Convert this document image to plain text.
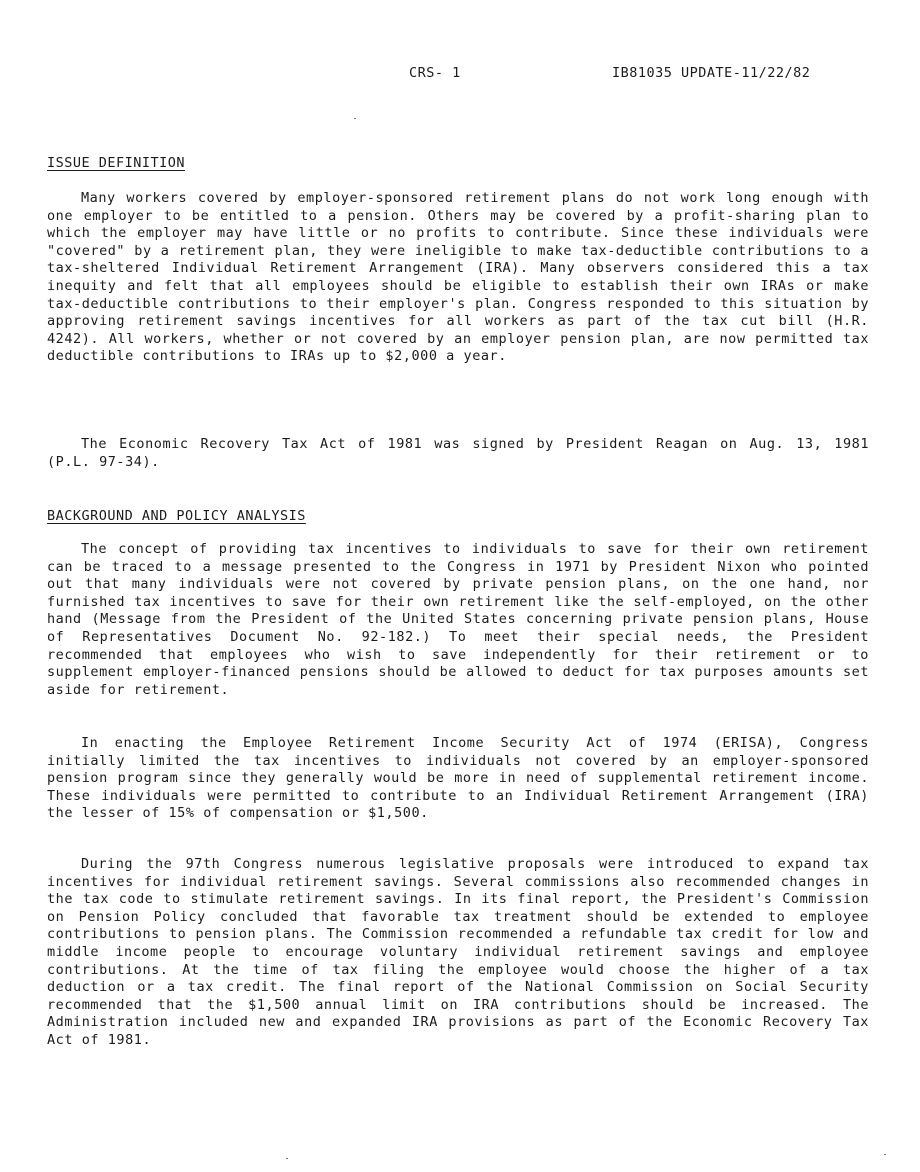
CRS- 1	IB81035 UPDATE-11/22/82
ISSUE DEFINITION

Many workers covered by employer-sponsored retirement plans do not work long enough with one employer to be entitled to a pension. Others may be covered by a profit-sharing plan to which the employer may have little or no profits to contribute. Since these individuals were "covered" by a retirement plan, they were ineligible to make tax-deductible contributions to a tax-sheltered Individual Retirement Arrangement (IRA). Many observers considered this a tax inequity and felt that all employees should be eligible to establish their own IRAs or make tax-deductible contributions to their employer's plan. Congress responded to this situation by approving retirement savings incentives for all workers as part of the tax cut bill (H.R. 4242). All workers, whether or not covered by an employer pension plan, are now permitted tax deductible contributions to IRAs up to $2,000 a year.

The Economic Recovery Tax Act of 1981 was signed by President Reagan on Aug. 13, 1981 (P.L. 97-34).

BACKGROUND AND POLICY ANALYSIS

The concept of providing tax incentives to individuals to save for their own retirement can be traced to a message presented to the Congress in 1971 by President Nixon who pointed out that many individuals were not covered by private pension plans, on the one hand, nor furnished tax incentives to save for their own retirement like the self-employed, on the other hand (Message from the President of the United States concerning private pension plans, House of Representatives Document No. 92-182.) To meet their special needs, the President recommended that employees who wish to save independently for their retirement or to supplement employer-financed pensions should be allowed to deduct for tax purposes amounts set aside for retirement.

In enacting the Employee Retirement Income Security Act of 1974 (ERISA), Congress initially limited the tax incentives to individuals not covered by an employer-sponsored pension program since they generally would be more in need of supplemental retirement income. These individuals were permitted to contribute to an Individual Retirement Arrangement (IRA) the lesser of 15% of compensation or $1,500.

During the 97th Congress numerous legislative proposals were introduced to expand tax incentives for individual retirement savings. Several commissions also recommended changes in the tax code to stimulate retirement savings. In its final report, the President's Commission on Pension Policy concluded that favorable tax treatment should be extended to employee contributions to pension plans. The Commission recommended a refundable tax credit for low and middle income people to encourage voluntary individual retirement savings and employee contributions. At the time of tax filing the employee would choose the higher of a tax deduction or a tax credit. The final report of the National Commission on Social Security recommended that the $1,500 annual limit on IRA contributions should be increased. The Administration included new and expanded IRA provisions as part of the Economic Recovery Tax Act of 1981.
